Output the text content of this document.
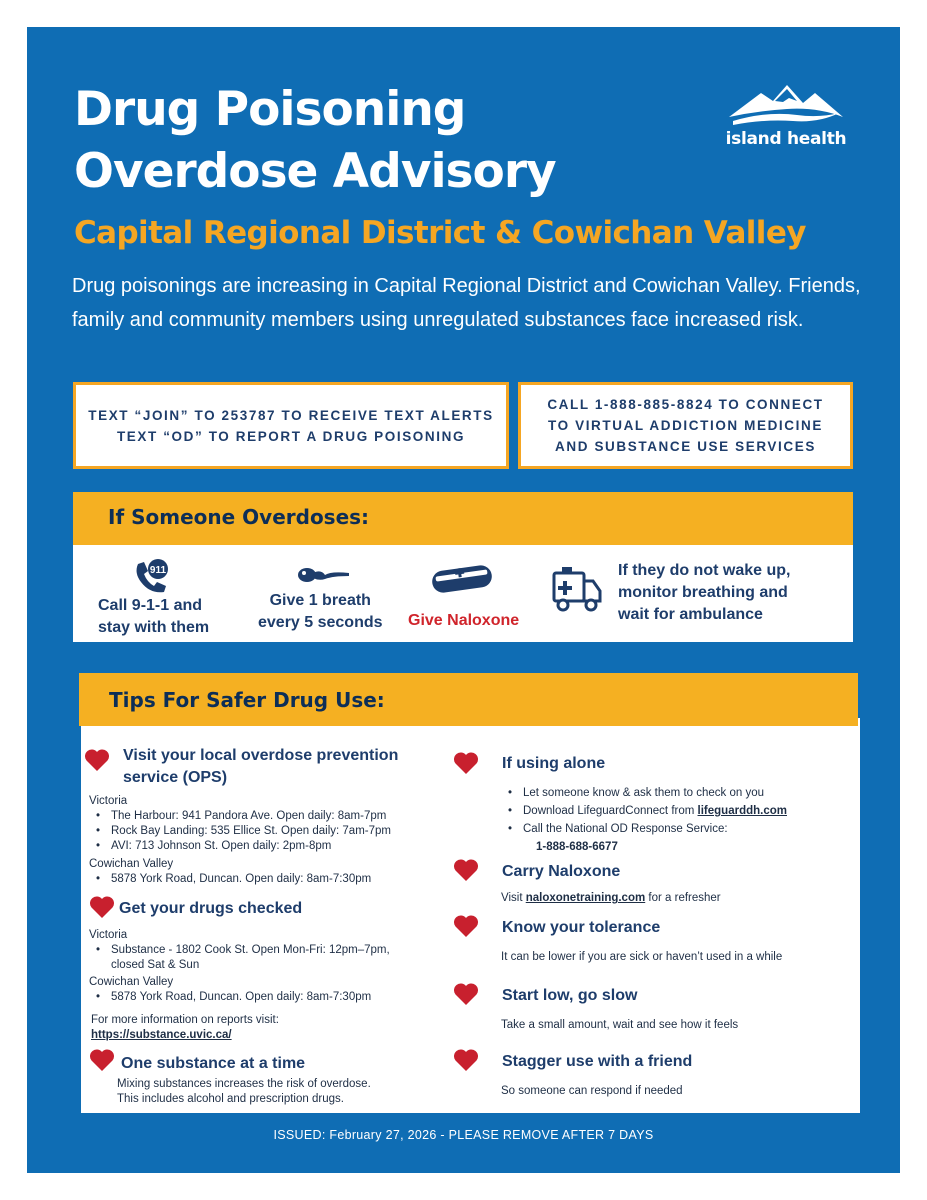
Drug Poisoning
Overdose Advisory
island health
Capital Regional District & Cowichan Valley
Drug poisonings are increasing in Capital Regional District and Cowichan Valley. Friends, family and community members using unregulated substances face increased risk.
TEXT “JOIN” TO 253787 TO RECEIVE TEXT ALERTS
TEXT “OD” TO REPORT A DRUG POISONING
CALL 1-888-885-8824 TO CONNECT
TO VIRTUAL ADDICTION MEDICINE
AND SUBSTANCE USE SERVICES
If Someone Overdoses:
911
Call 9-1-1 and
stay with them
Give 1 breath
every 5 seconds Give Naloxone
If they do not wake up,
monitor breathing and
wait for ambulance
Visit your local overdose prevention
service (OPS)
Victoria
• The Harbour: 941 Pandora Ave. Open daily: 8am-7pm
• Rock Bay Landing: 535 Ellice St. Open daily: 7am-7pm
• AVI: 713 Johnson St. Open daily: 2pm-8pm
Cowichan Valley
• 5878 York Road, Duncan. Open daily: 8am-7:30pm
Get your drugs checked
Victoria
• Substance - 1802 Cook St. Open Mon-Fri: 12pm–7pm,
closed Sat & Sun
Cowichan Valley
• 5878 York Road, Duncan. Open daily: 8am-7:30pm
For more information on reports visit:
https://substance.uvic.ca/
One substance at a time
Mixing substances increases the risk of overdose.
This includes alcohol and prescription drugs.
If using alone
• Let someone know & ask them to check on you
• Download LifeguardConnect from lifeguarddh.com
• Call the National OD Response Service:
1-888-688-6677
Carry Naloxone
Visit naloxonetraining.com for a refresher
Know your tolerance
It can be lower if you are sick or haven’t used in a while
Start low, go slow
Take a small amount, wait and see how it feels
Stagger use with a friend
So someone can respond if needed
Tips For Safer Drug Use:
ISSUED: February 27, 2026 - PLEASE REMOVE AFTER 7 DAYS
